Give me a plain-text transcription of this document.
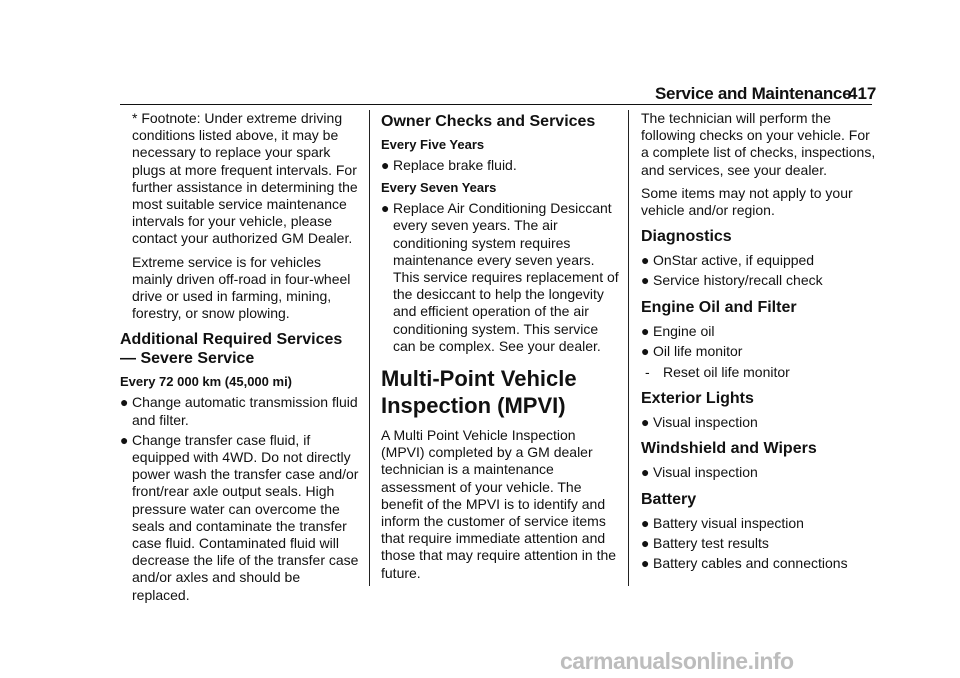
Service and Maintenance
417

* Footnote: Under extreme driving conditions listed above, it may be necessary to replace your spark plugs at more frequent intervals. For further assistance in determining the most suitable service maintenance intervals for your vehicle, please contact your authorized GM Dealer.

Extreme service is for vehicles mainly driven off-road in four-wheel drive or used in farming, mining, forestry, or snow plowing.

Additional Required Services — Severe Service
Every 72 000 km (45,000 mi)
● Change automatic transmission fluid and filter.
● Change transfer case fluid, if equipped with 4WD. Do not directly power wash the transfer case and/or front/rear axle output seals. High pressure water can overcome the seals and contaminate the transfer case fluid. Contaminated fluid will decrease the life of the transfer case and/or axles and should be replaced.
Owner Checks and Services
Every Five Years
● Replace brake fluid.
Every Seven Years
● Replace Air Conditioning Desiccant every seven years. The air conditioning system requires maintenance every seven years. This service requires replacement of the desiccant to help the longevity and efficient operation of the air conditioning system. This service can be complex. See your dealer.
Multi-Point Vehicle Inspection (MPVI)

A Multi Point Vehicle Inspection (MPVI) completed by a GM dealer technician is a maintenance assessment of your vehicle. The benefit of the MPVI is to identify and inform the customer of service items that require immediate attention and those that may require attention in the future.

The technician will perform the following checks on your vehicle. For a complete list of checks, inspections, and services, see your dealer.

Some items may not apply to your vehicle and/or region.

Diagnostics
● OnStar active, if equipped
● Service history/recall check
Engine Oil and Filter
● Engine oil
● Oil life monitor
- Reset oil life monitor
Exterior Lights
● Visual inspection
Windshield and Wipers
● Visual inspection
Battery
● Battery visual inspection
● Battery test results
● Battery cables and connections
carmanualsonline.info
